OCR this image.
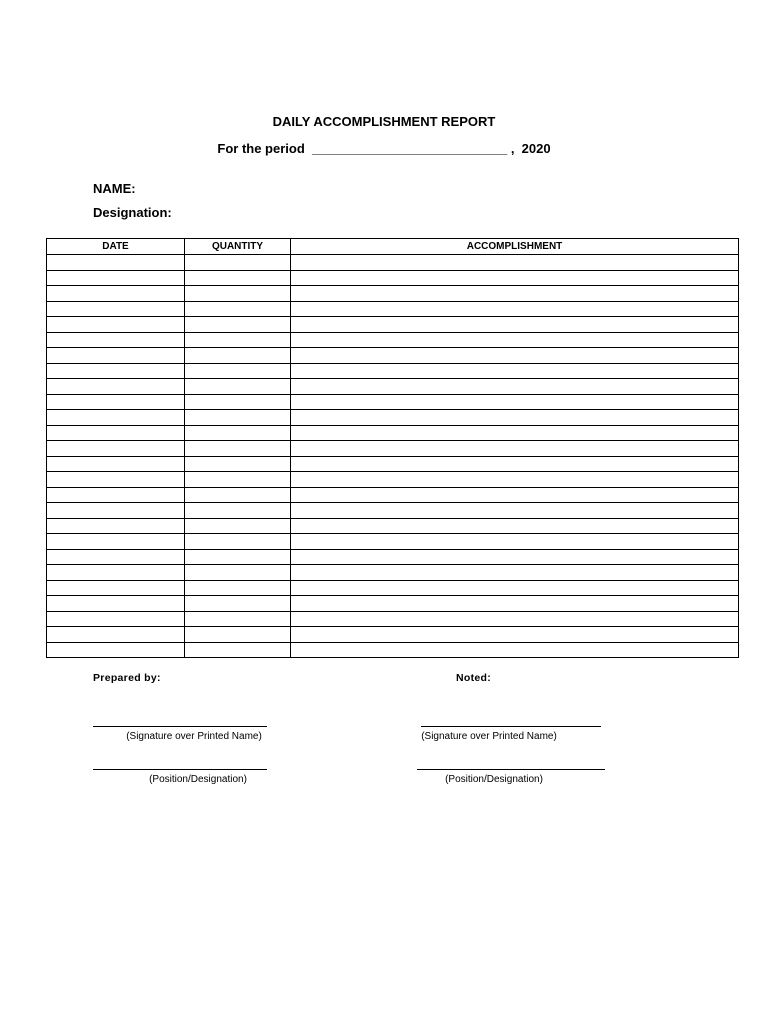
DAILY ACCOMPLISHMENT REPORT
For the period  ___________________________ ,  2020
NAME:
Designation:
DATE	QUANTITY	ACCOMPLISHMENT

Prepared by:	Noted:
(Signature over Printed Name)
(Position/Designation)
(Signature over Printed Name)
(Position/Designation)
